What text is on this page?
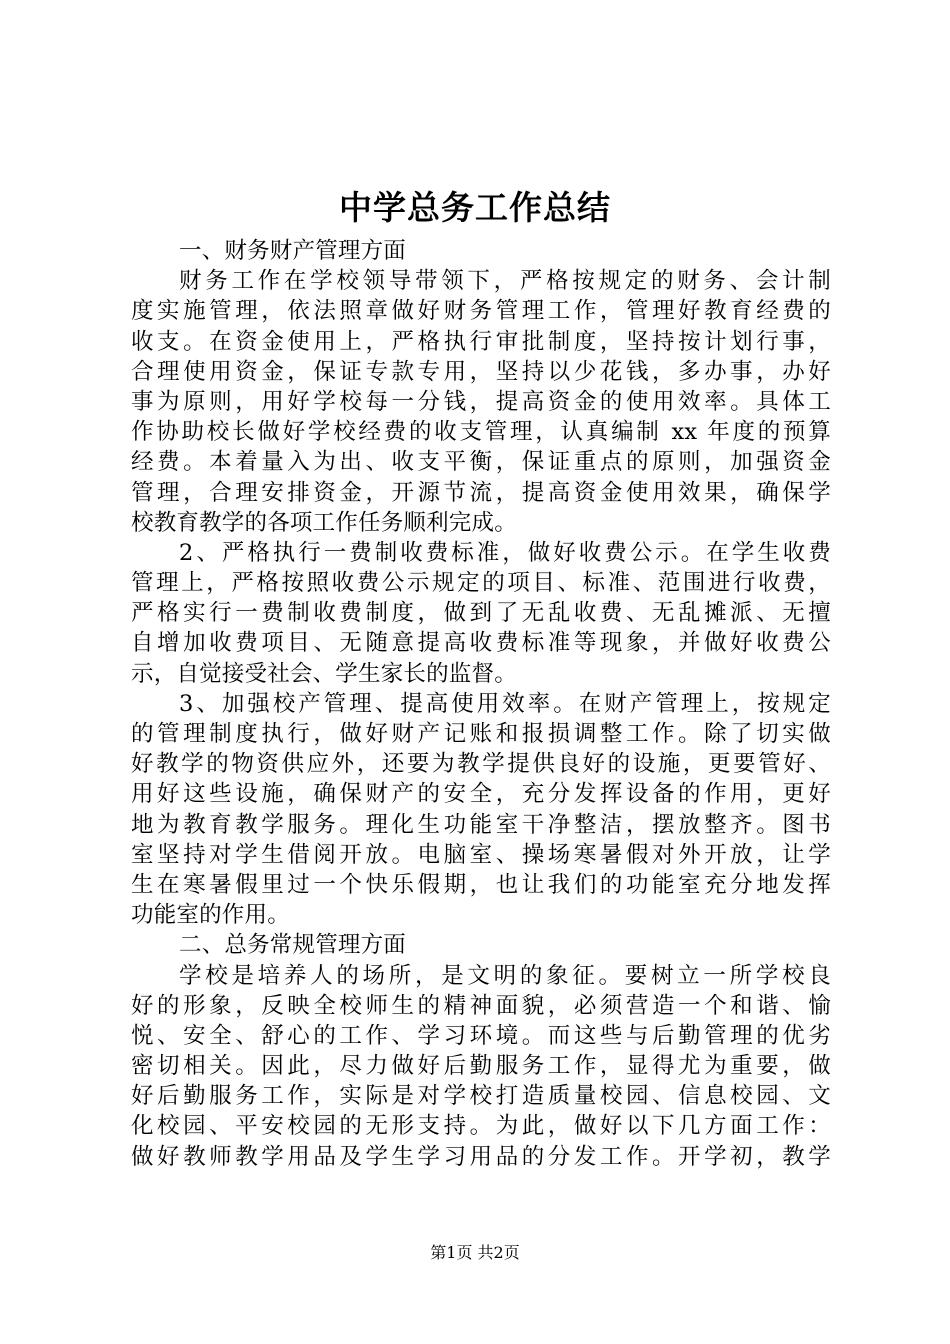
中学总务工作总结
一、财务财产管理方面
财务工作在学校领导带领下，严格按规定的财务、会计制
度实施管理，依法照章做好财务管理工作，管理好教育经费的
收支。在资金使用上，严格执行审批制度，坚持按计划行事，
合理使用资金，保证专款专用，坚持以少花钱，多办事，办好
事为原则，用好学校每一分钱，提高资金的使用效率。具体工
作协助校长做好学校经费的收支管理，认真编制 xx 年度的预算
经费。本着量入为出、收支平衡，保证重点的原则，加强资金
管理，合理安排资金，开源节流，提高资金使用效果，确保学
校教育教学的各项工作任务顺利完成。
2、严格执行一费制收费标准，做好收费公示。在学生收费
管理上，严格按照收费公示规定的项目、标准、范围进行收费，
严格实行一费制收费制度，做到了无乱收费、无乱摊派、无擅
自增加收费项目、无随意提高收费标准等现象，并做好收费公
示，自觉接受社会、学生家长的监督。
3、加强校产管理、提高使用效率。在财产管理上，按规定
的管理制度执行，做好财产记账和报损调整工作。除了切实做
好教学的物资供应外，还要为教学提供良好的设施，更要管好、
用好这些设施，确保财产的安全，充分发挥设备的作用，更好
地为教育教学服务。理化生功能室干净整洁，摆放整齐。图书
室坚持对学生借阅开放。电脑室、操场寒暑假对外开放，让学
生在寒暑假里过一个快乐假期，也让我们的功能室充分地发挥
功能室的作用。
二、总务常规管理方面
学校是培养人的场所，是文明的象征。要树立一所学校良
好的形象，反映全校师生的精神面貌，必须营造一个和谐、愉
悦、安全、舒心的工作、学习环境。而这些与后勤管理的优劣
密切相关。因此，尽力做好后勤服务工作，显得尤为重要，做
好后勤服务工作，实际是对学校打造质量校园、信息校园、文
化校园、平安校园的无形支持。为此，做好以下几方面工作：
做好教师教学用品及学生学习用品的分发工作。开学初，教学
第1页 共2页
